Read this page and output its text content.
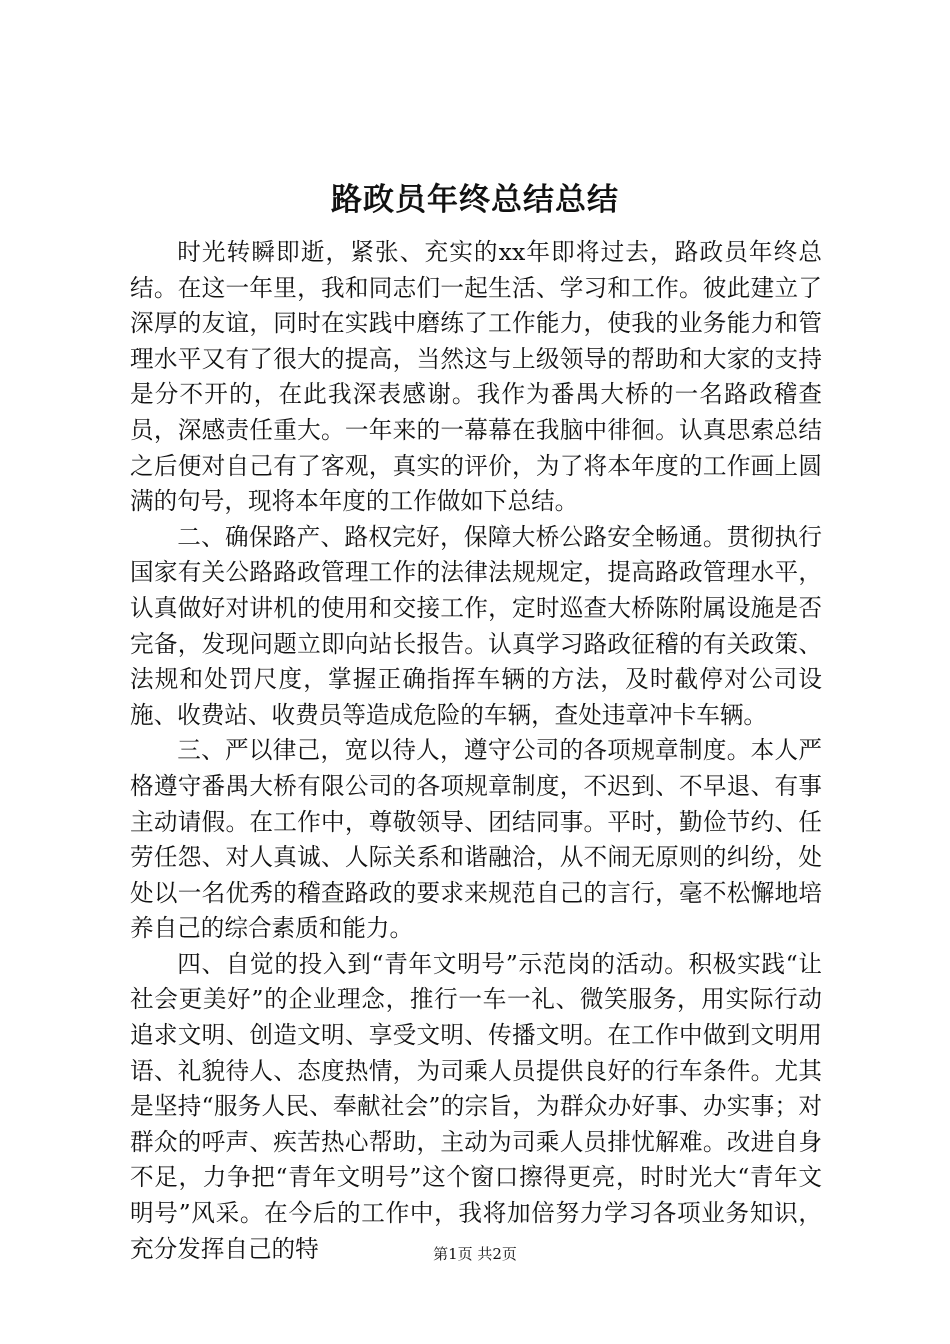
路政员年终总结总结

时光转瞬即逝，紧张、充实的xx年即将过去，路政员年终总结。在这一年里，我和同志们一起生活、学习和工作。彼此建立了深厚的友谊，同时在实践中磨练了工作能力，使我的业务能力和管理水平又有了很大的提高，当然这与上级领导的帮助和大家的支持是分不开的，在此我深表感谢。我作为番禺大桥的一名路政稽查员，深感责任重大。一年来的一幕幕在我脑中徘徊。认真思索总结之后便对自己有了客观，真实的评价，为了将本年度的工作画上圆满的句号，现将本年度的工作做如下总结。

二、确保路产、路权完好，保障大桥公路安全畅通。贯彻执行国家有关公路路政管理工作的法律法规规定，提高路政管理水平，认真做好对讲机的使用和交接工作，定时巡查大桥陈附属设施是否完备，发现问题立即向站长报告。认真学习路政征稽的有关政策、法规和处罚尺度，掌握正确指挥车辆的方法，及时截停对公司设施、收费站、收费员等造成危险的车辆，查处违章冲卡车辆。

三、严以律己，宽以待人，遵守公司的各项规章制度。本人严格遵守番禺大桥有限公司的各项规章制度，不迟到、不早退、有事主动请假。在工作中，尊敬领导、团结同事。平时，勤俭节约、任劳任怨、对人真诚、人际关系和谐融洽，从不闹无原则的纠纷，处处以一名优秀的稽查路政的要求来规范自己的言行，毫不松懈地培养自己的综合素质和能力。

四、自觉的投入到“青年文明号”示范岗的活动。积极实践“让社会更美好”的企业理念，推行一车一礼、微笑服务，用实际行动追求文明、创造文明、享受文明、传播文明。在工作中做到文明用语、礼貌待人、态度热情，为司乘人员提供良好的行车条件。尤其是坚持“服务人民、奉献社会”的宗旨，为群众办好事、办实事；对群众的呼声、疾苦热心帮助，主动为司乘人员排忧解难。改进自身不足，力争把“青年文明号”这个窗口擦得更亮，时时光大“青年文明号”风采。在今后的工作中，我将加倍努力学习各项业务知识，充分发挥自己的特	第1页 共2页
